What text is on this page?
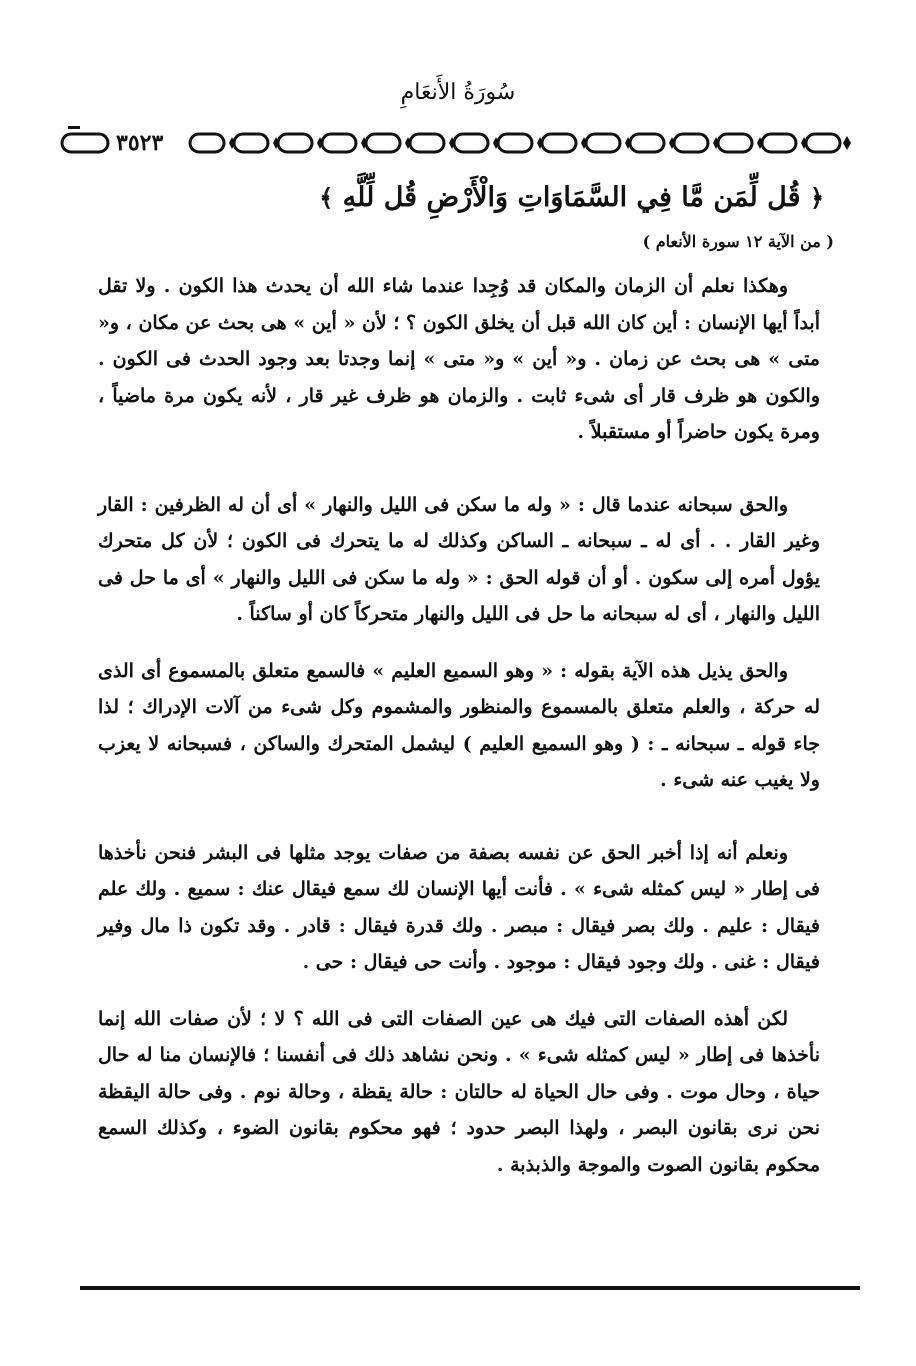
سُورَةُ الأَنعَامِ
٣٥٢٣
﴿ قُل لِّمَن مَّا فِي السَّمَاوَاتِ وَالْأَرْضِ قُل لِّلَّهِ ﴾
( من الآية ١٢ سورة الأنعام )

وهكذا نعلم أن الزمان والمكان قد وُجِدا عندما شاء الله أن يحدث هذا الكون . ولا تقل أبداً أيها الإنسان : أين كان الله قبل أن يخلق الكون ؟ ؛ لأن « أين » هى بحث عن مكان ، و« متى » هى بحث عن زمان . و« أين » و« متى » إنما وجدتا بعد وجود الحدث فى الكون . والكون هو ظرف قار أى شىء ثابت . والزمان هو ظرف غير قار ، لأنه يكون مرة ماضياً ، ومرة يكون حاضراً أو مستقبلاً .

والحق سبحانه عندما قال : « وله ما سكن فى الليل والنهار » أى أن له الظرفين : القار وغير القار . . أى له ـ سبحانه ـ الساكن وكذلك له ما يتحرك فى الكون ؛ لأن كل متحرك يؤول أمره إلى سكون . أو أن قوله الحق : « وله ما سكن فى الليل والنهار » أى ما حل فى الليل والنهار ، أى له سبحانه ما حل فى الليل والنهار متحركاً كان أو ساكناً .

والحق يذيل هذه الآية بقوله : « وهو السميع العليم » فالسمع متعلق بالمسموع أى الذى له حركة ، والعلم متعلق بالمسموع والمنظور والمشموم وكل شىء من آلات الإدراك ؛ لذا جاء قوله ـ سبحانه ـ : ( وهو السميع العليم ) ليشمل المتحرك والساكن ، فسبحانه لا يعزب ولا يغيب عنه شىء .

ونعلم أنه إذا أخبر الحق عن نفسه بصفة من صفات يوجد مثلها فى البشر فنحن نأخذها فى إطار « ليس كمثله شىء » . فأنت أيها الإنسان لك سمع فيقال عنك : سميع . ولك علم فيقال : عليم . ولك بصر فيقال : مبصر . ولك قدرة فيقال : قادر . وقد تكون ذا مال وفير فيقال : غنى . ولك وجود فيقال : موجود . وأنت حى فيقال : حى .

لكن أهذه الصفات التى فيك هى عين الصفات التى فى الله ؟ لا ؛ لأن صفات الله إنما نأخذها فى إطار « ليس كمثله شىء » . ونحن نشاهد ذلك فى أنفسنا ؛ فالإنسان منا له حال حياة ، وحال موت . وفى حال الحياة له حالتان : حالة يقظة ، وحالة نوم . وفى حالة اليقظة نحن نرى بقانون البصر ، ولهذا البصر حدود ؛ فهو محكوم بقانون الضوء ، وكذلك السمع محكوم بقانون الصوت والموجة والذبذبة .
